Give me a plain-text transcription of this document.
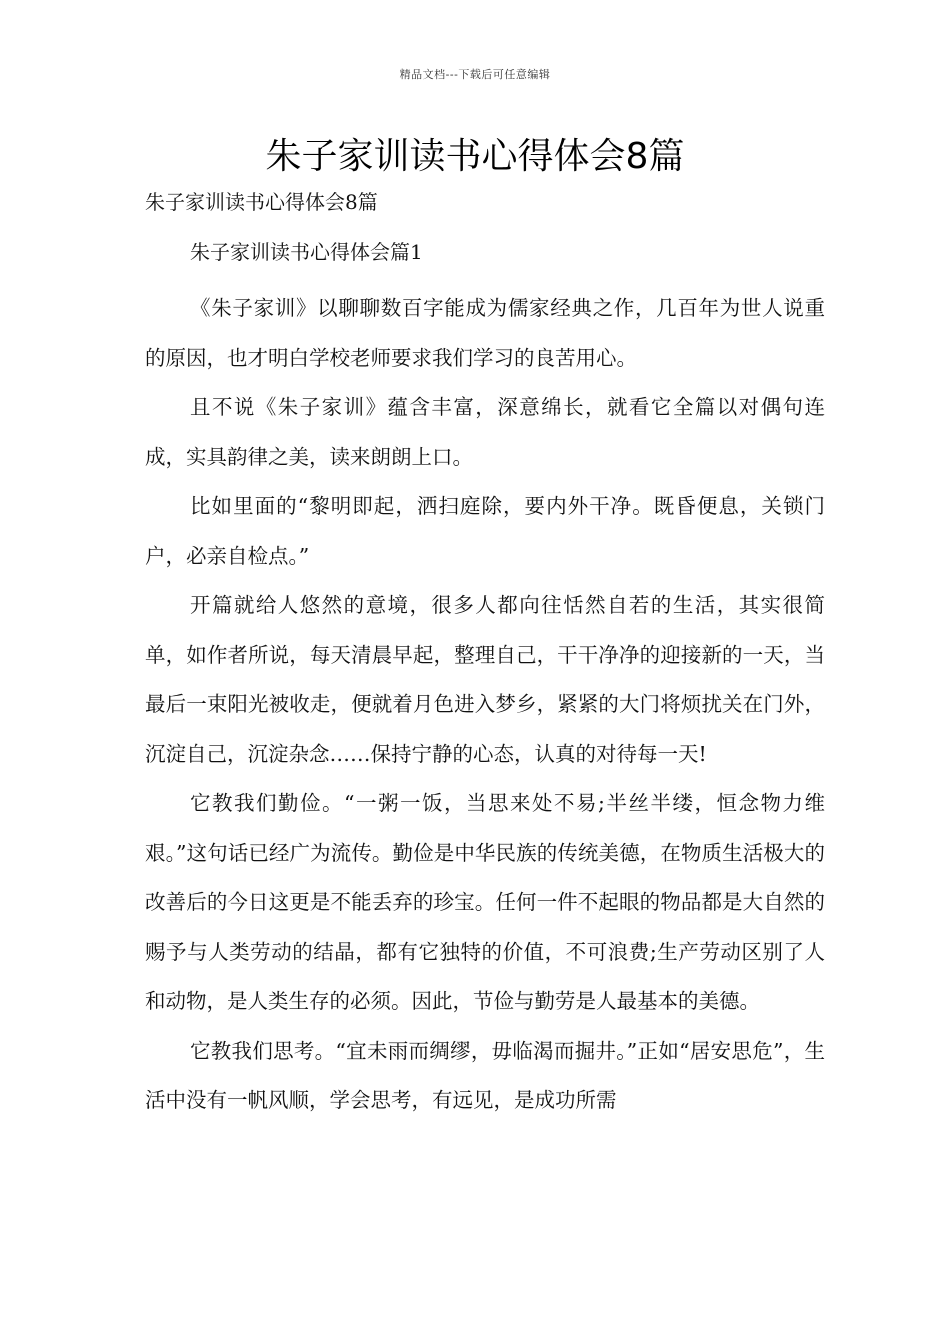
精品文档---下载后可任意编辑
朱子家训读书心得体会8篇

朱子家训读书心得体会8篇

朱子家训读书心得体会篇1

《朱子家训》以聊聊数百字能成为儒家经典之作，几百年为世人说重的原因，也才明白学校老师要求我们学习的良苦用心。

且不说《朱子家训》蕴含丰富，深意绵长，就看它全篇以对偶句连成，实具韵律之美，读来朗朗上口。

比如里面的“黎明即起，洒扫庭除，要内外干净。既昏便息，关锁门户，必亲自检点。”

开篇就给人悠然的意境，很多人都向往恬然自若的生活，其实很简单，如作者所说，每天清晨早起，整理自己，干干净净的迎接新的一天，当最后一束阳光被收走，便就着月色进入梦乡，紧紧的大门将烦扰关在门外，沉淀自己，沉淀杂念……保持宁静的心态，认真的对待每一天!

它教我们勤俭。“一粥一饭，当思来处不易;半丝半缕，恒念物力维艰。”这句话已经广为流传。勤俭是中华民族的传统美德，在物质生活极大的改善后的今日这更是不能丢弃的珍宝。任何一件不起眼的物品都是大自然的赐予与人类劳动的结晶，都有它独特的价值，不可浪费;生产劳动区别了人和动物，是人类生存的必须。因此，节俭与勤劳是人最基本的美德。

它教我们思考。“宜未雨而绸缪，毋临渴而掘井。”正如“居安思危”，生活中没有一帆风顺，学会思考，有远见，是成功所需
